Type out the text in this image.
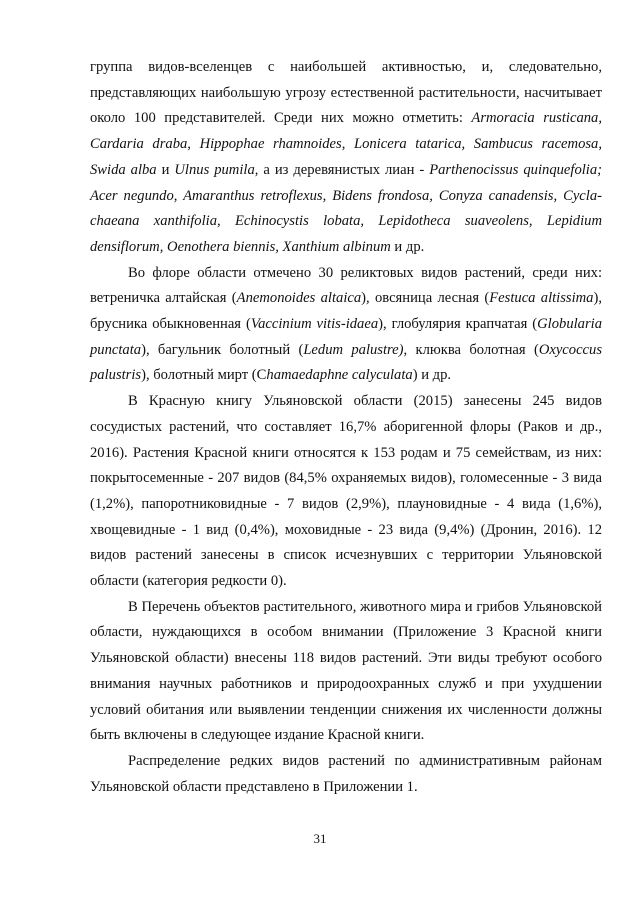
группа видов-вселенцев с наибольшей активностью, и, следовательно, представляющих наибольшую угрозу естественной растительности, насчитывает около 100 представителей. Среди них можно отметить: Armoracia rusticana, Cardaria draba, Hippophae rhamnoides, Lonicera tatarica, Sambucus racemosa, Swida alba и Ulnus pumila, а из деревянистых лиан - Parthenocissus quinquefolia; Acer negundo, Amaranthus retroflexus, Bidens frondosa, Conyza canadensis, Cycla-chaeana xanthifolia, Echinocystis lobata, Lepidotheca suaveolens, Lepidium densiflorum, Oenothera biennis, Xanthium albinum и др.

Во флоре области отмечено 30 реликтовых видов растений, среди них: ветреничка алтайская (Anemonoides altaica), овсяница лесная (Festuca altissima), брусника обыкновенная (Vaccinium vitis-idaea), глобулярия крапчатая (Globularia punctata), багульник болотный (Ledum palustre), клюква болотная (Oxycoccus palustris), болотный мирт (Chamaedaphne calyculata) и др.

В Красную книгу Ульяновской области (2015) занесены 245 видов сосудистых растений, что составляет 16,7% аборигенной флоры (Раков и др., 2016). Растения Красной книги относятся к 153 родам и 75 семействам, из них: покрытосеменные - 207 видов (84,5% охраняемых видов), голомесенные - 3 вида (1,2%), папоротниковидные - 7 видов (2,9%), плауновидные - 4 вида (1,6%), хвощевидные - 1 вид (0,4%), моховидные - 23 вида (9,4%) (Дронин, 2016). 12 видов растений занесены в список исчезнувших с территории Ульяновской области (категория редкости 0).

В Перечень объектов растительного, животного мира и грибов Ульяновской области, нуждающихся в особом внимании (Приложение 3 Красной книги Ульяновской области) внесены 118 видов растений. Эти виды требуют особого внимания научных работников и природоохранных служб и при ухудшении условий обитания или выявлении тенденции снижения их численности должны быть включены в следующее издание Красной книги.

Распределение редких видов растений по административным районам Ульяновской области представлено в Приложении 1.

31
